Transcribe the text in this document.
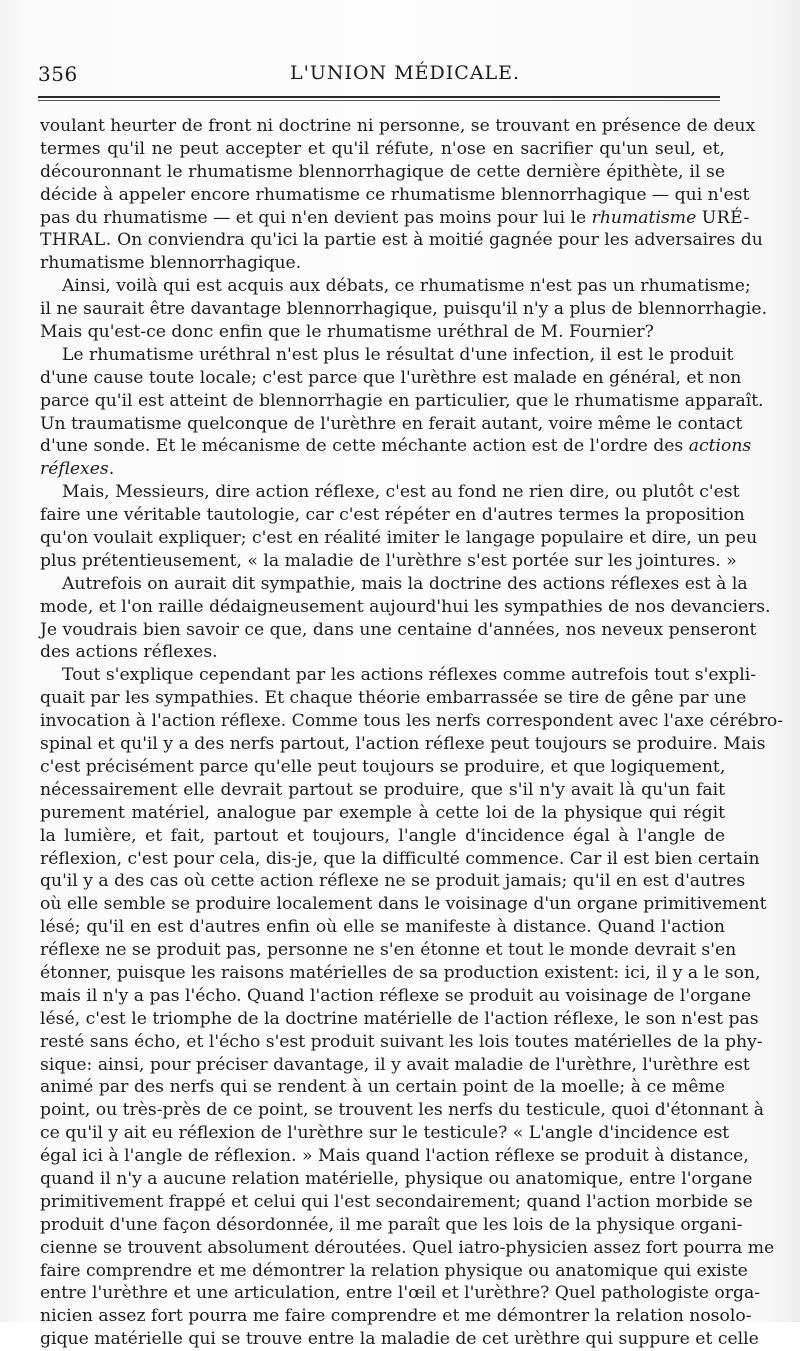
356	L'UNION MÉDICALE.
voulant heurter de front ni doctrine ni personne, se trouvant en présence de deux
termes qu'il ne peut accepter et qu'il réfute, n'ose en sacrifier qu'un seul, et,
découronnant le rhumatisme blennorrhagique de cette dernière épithète, il se
décide à appeler encore rhumatisme ce rhumatisme blennorrhagique — qui n'est
pas du rhumatisme — et qui n'en devient pas moins pour lui le rhumatisme URÉ-
THRAL. On conviendra qu'ici la partie est à moitié gagnée pour les adversaires du
rhumatisme blennorrhagique.
Ainsi, voilà qui est acquis aux débats, ce rhumatisme n'est pas un rhumatisme;
il ne saurait être davantage blennorrhagique, puisqu'il n'y a plus de blennorrhagie.
Mais qu'est-ce donc enfin que le rhumatisme uréthral de M. Fournier?
Le rhumatisme uréthral n'est plus le résultat d'une infection, il est le produit
d'une cause toute locale; c'est parce que l'urèthre est malade en général, et non
parce qu'il est atteint de blennorrhagie en particulier, que le rhumatisme apparaît.
Un traumatisme quelconque de l'urèthre en ferait autant, voire même le contact
d'une sonde. Et le mécanisme de cette méchante action est de l'ordre des actions
réflexes.
Mais, Messieurs, dire action réflexe, c'est au fond ne rien dire, ou plutôt c'est
faire une véritable tautologie, car c'est répéter en d'autres termes la proposition
qu'on voulait expliquer; c'est en réalité imiter le langage populaire et dire, un peu
plus prétentieusement, « la maladie de l'urèthre s'est portée sur les jointures. »
Autrefois on aurait dit sympathie, mais la doctrine des actions réflexes est à la
mode, et l'on raille dédaigneusement aujourd'hui les sympathies de nos devanciers.
Je voudrais bien savoir ce que, dans une centaine d'années, nos neveux penseront
des actions réflexes.
Tout s'explique cependant par les actions réflexes comme autrefois tout s'expli-
quait par les sympathies. Et chaque théorie embarrassée se tire de gêne par une
invocation à l'action réflexe. Comme tous les nerfs correspondent avec l'axe cérébro-
spinal et qu'il y a des nerfs partout, l'action réflexe peut toujours se produire. Mais
c'est précisément parce qu'elle peut toujours se produire, et que logiquement,
nécessairement elle devrait partout se produire, que s'il n'y avait là qu'un fait
purement matériel, analogue par exemple à cette loi de la physique qui régit
la lumière, et fait, partout et toujours, l'angle d'incidence égal à l'angle de
réflexion, c'est pour cela, dis-je, que la difficulté commence. Car il est bien certain
qu'il y a des cas où cette action réflexe ne se produit jamais; qu'il en est d'autres
où elle semble se produire localement dans le voisinage d'un organe primitivement
lésé; qu'il en est d'autres enfin où elle se manifeste à distance. Quand l'action
réflexe ne se produit pas, personne ne s'en étonne et tout le monde devrait s'en
étonner, puisque les raisons matérielles de sa production existent: ici, il y a le son,
mais il n'y a pas l'écho. Quand l'action réflexe se produit au voisinage de l'organe
lésé, c'est le triomphe de la doctrine matérielle de l'action réflexe, le son n'est pas
resté sans écho, et l'écho s'est produit suivant les lois toutes matérielles de la phy-
sique: ainsi, pour préciser davantage, il y avait maladie de l'urèthre, l'urèthre est
animé par des nerfs qui se rendent à un certain point de la moelle; à ce même
point, ou très-près de ce point, se trouvent les nerfs du testicule, quoi d'étonnant à
ce qu'il y ait eu réflexion de l'urèthre sur le testicule? « L'angle d'incidence est
égal ici à l'angle de réflexion. » Mais quand l'action réflexe se produit à distance,
quand il n'y a aucune relation matérielle, physique ou anatomique, entre l'organe
primitivement frappé et celui qui l'est secondairement; quand l'action morbide se
produit d'une façon désordonnée, il me paraît que les lois de la physique organi-
cienne se trouvent absolument déroutées. Quel iatro-physicien assez fort pourra me
faire comprendre et me démontrer la relation physique ou anatomique qui existe
entre l'urèthre et une articulation, entre l'œil et l'urèthre? Quel pathologiste orga-
nicien assez fort pourra me faire comprendre et me démontrer la relation nosolo-
gique matérielle qui se trouve entre la maladie de cet urèthre qui suppure et celle
